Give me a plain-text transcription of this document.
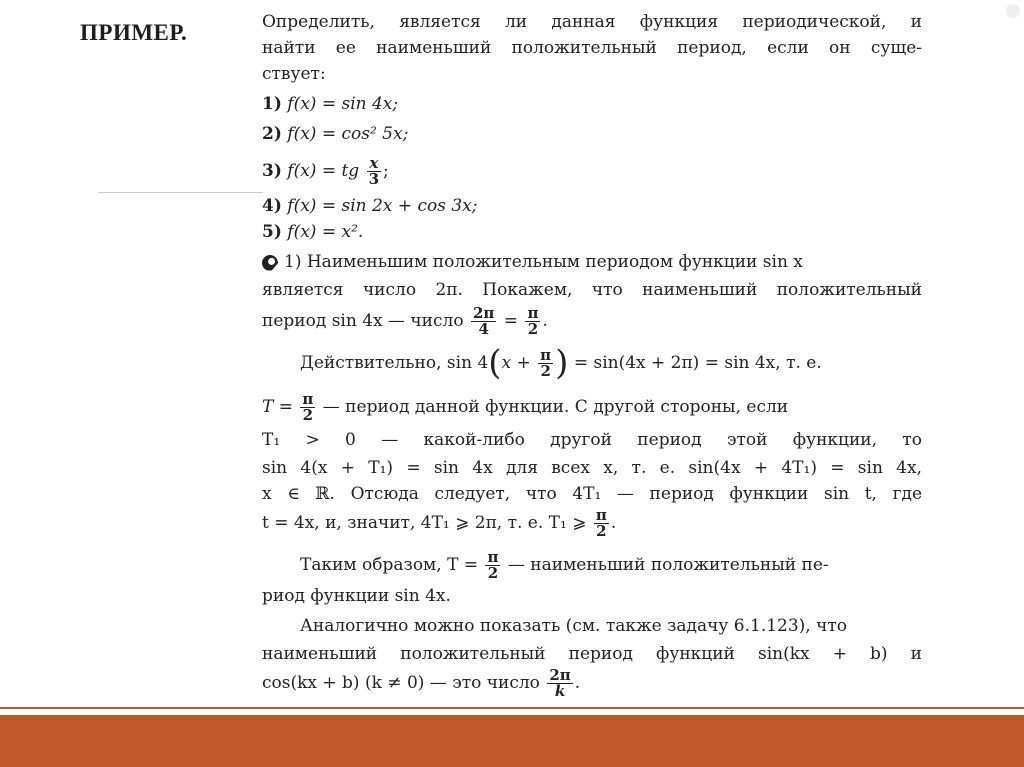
ПРИМЕР.	Определить, является ли данная функция периодической, и
найти ее наименьший положительный период, если он суще-
ствует:
1) f(x) = sin 4x;
2) f(x) = cos² 5x;
3) f(x) = tg $\frac{x}{3}$ ;
4) f(x) = sin 2x + cos 3x;
5) f(x) = x².
1) Наименьшим положительным периодом функции sin x
является число 2π. Покажем, что наименьший положительный
период sin 4x — число $\frac{2\pi}{4} = \frac{\pi}{2}$ .
Действительно, $\sin 4(x + \frac{\pi}{2}$ ) = sin(4x + 2π) = sin 4x, т. е.
$T = \frac{\pi}{2}$ — период данной функции. С другой стороны, если
T₁ > 0 — какой-либо другой период этой функции, то
sin 4(x + T₁) = sin 4x для всех x, т. е. sin(4x + 4T₁) = sin 4x,
x ∈ ℝ. Отсюда следует, что 4T₁ — период функции sin t, где
t = 4x, и, значит, 4T₁ ⩾ 2π, т. е. T₁ ⩾ $\frac{\pi}{2}$ .
Таким образом, $T = \frac{\pi}{2}$ — наименьший положительный пе-
риод функции sin 4x.
Аналогично можно показать (см. также задачу 6.1.123), что
наименьший положительный период функций sin(kx + b) и
cos(kx + b) (k ≠ 0) — это число $\frac{2\pi}{k}$ .
